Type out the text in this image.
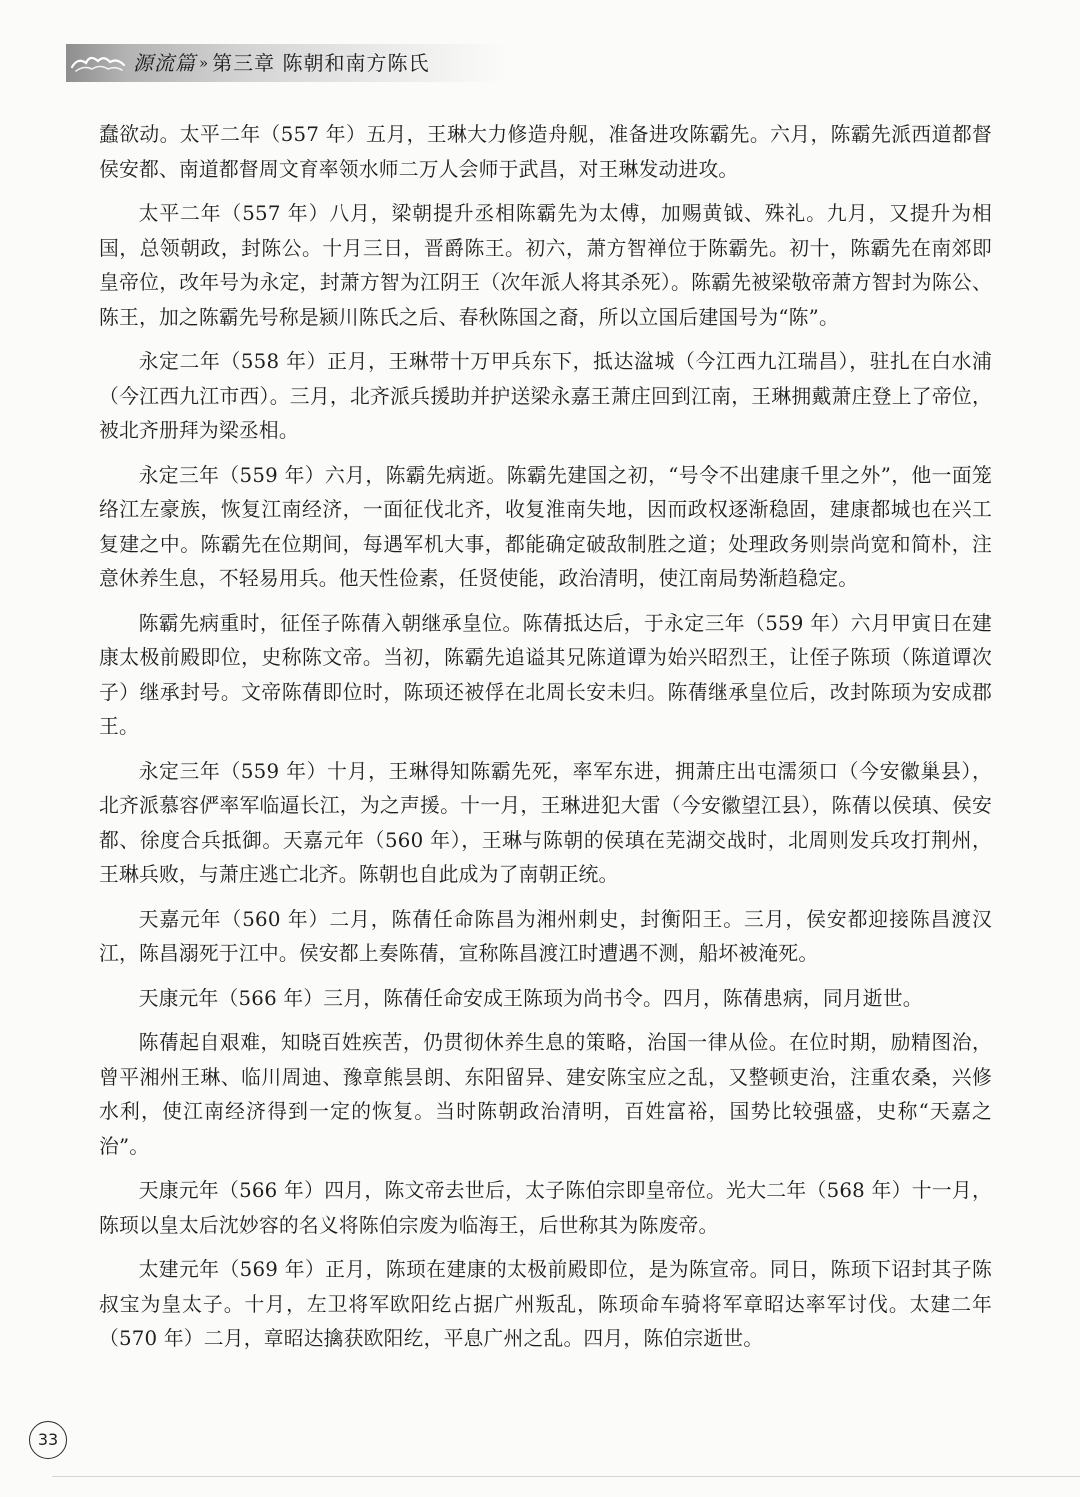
源流篇 » 第三章 陈朝和南方陈氏

蠢欲动。太平二年（557 年）五月，王琳大力修造舟舰，准备进攻陈霸先。六月，陈霸先派西道都督侯安都、南道都督周文育率领水师二万人会师于武昌，对王琳发动进攻。

太平二年（557 年）八月，梁朝提升丞相陈霸先为太傅，加赐黄钺、殊礼。九月，又提升为相国，总领朝政，封陈公。十月三日，晋爵陈王。初六，萧方智禅位于陈霸先。初十，陈霸先在南郊即皇帝位，改年号为永定，封萧方智为江阴王（次年派人将其杀死）。陈霸先被梁敬帝萧方智封为陈公、陈王，加之陈霸先号称是颍川陈氏之后、春秋陈国之裔，所以立国后建国号为“陈”。

永定二年（558 年）正月，王琳带十万甲兵东下，抵达湓城（今江西九江瑞昌），驻扎在白水浦（今江西九江市西）。三月，北齐派兵援助并护送梁永嘉王萧庄回到江南，王琳拥戴萧庄登上了帝位，被北齐册拜为梁丞相。

永定三年（559 年）六月，陈霸先病逝。陈霸先建国之初，“号令不出建康千里之外”，他一面笼络江左豪族，恢复江南经济，一面征伐北齐，收复淮南失地，因而政权逐渐稳固，建康都城也在兴工复建之中。陈霸先在位期间，每遇军机大事，都能确定破敌制胜之道；处理政务则崇尚宽和简朴，注意休养生息，不轻易用兵。他天性俭素，任贤使能，政治清明，使江南局势渐趋稳定。

陈霸先病重时，征侄子陈蒨入朝继承皇位。陈蒨抵达后，于永定三年（559 年）六月甲寅日在建康太极前殿即位，史称陈文帝。当初，陈霸先追谥其兄陈道谭为始兴昭烈王，让侄子陈顼（陈道谭次子）继承封号。文帝陈蒨即位时，陈顼还被俘在北周长安未归。陈蒨继承皇位后，改封陈顼为安成郡王。

永定三年（559 年）十月，王琳得知陈霸先死，率军东进，拥萧庄出屯濡须口（今安徽巢县），北齐派慕容俨率军临逼长江，为之声援。十一月，王琳进犯大雷（今安徽望江县），陈蒨以侯瑱、侯安都、徐度合兵抵御。天嘉元年（560 年），王琳与陈朝的侯瑱在芜湖交战时，北周则发兵攻打荆州，王琳兵败，与萧庄逃亡北齐。陈朝也自此成为了南朝正统。

天嘉元年（560 年）二月，陈蒨任命陈昌为湘州刺史，封衡阳王。三月，侯安都迎接陈昌渡汉江，陈昌溺死于江中。侯安都上奏陈蒨，宣称陈昌渡江时遭遇不测，船坏被淹死。

天康元年（566 年）三月，陈蒨任命安成王陈顼为尚书令。四月，陈蒨患病，同月逝世。

陈蒨起自艰难，知晓百姓疾苦，仍贯彻休养生息的策略，治国一律从俭。在位时期，励精图治，曾平湘州王琳、临川周迪、豫章熊昙朗、东阳留异、建安陈宝应之乱，又整顿吏治，注重农桑，兴修水利，使江南经济得到一定的恢复。当时陈朝政治清明，百姓富裕，国势比较强盛，史称“天嘉之治”。

天康元年（566 年）四月，陈文帝去世后，太子陈伯宗即皇帝位。光大二年（568 年）十一月，陈顼以皇太后沈妙容的名义将陈伯宗废为临海王，后世称其为陈废帝。

太建元年（569 年）正月，陈顼在建康的太极前殿即位，是为陈宣帝。同日，陈顼下诏封其子陈叔宝为皇太子。十月，左卫将军欧阳纥占据广州叛乱，陈顼命车骑将军章昭达率军讨伐。太建二年（570 年）二月，章昭达擒获欧阳纥，平息广州之乱。四月，陈伯宗逝世。

33
